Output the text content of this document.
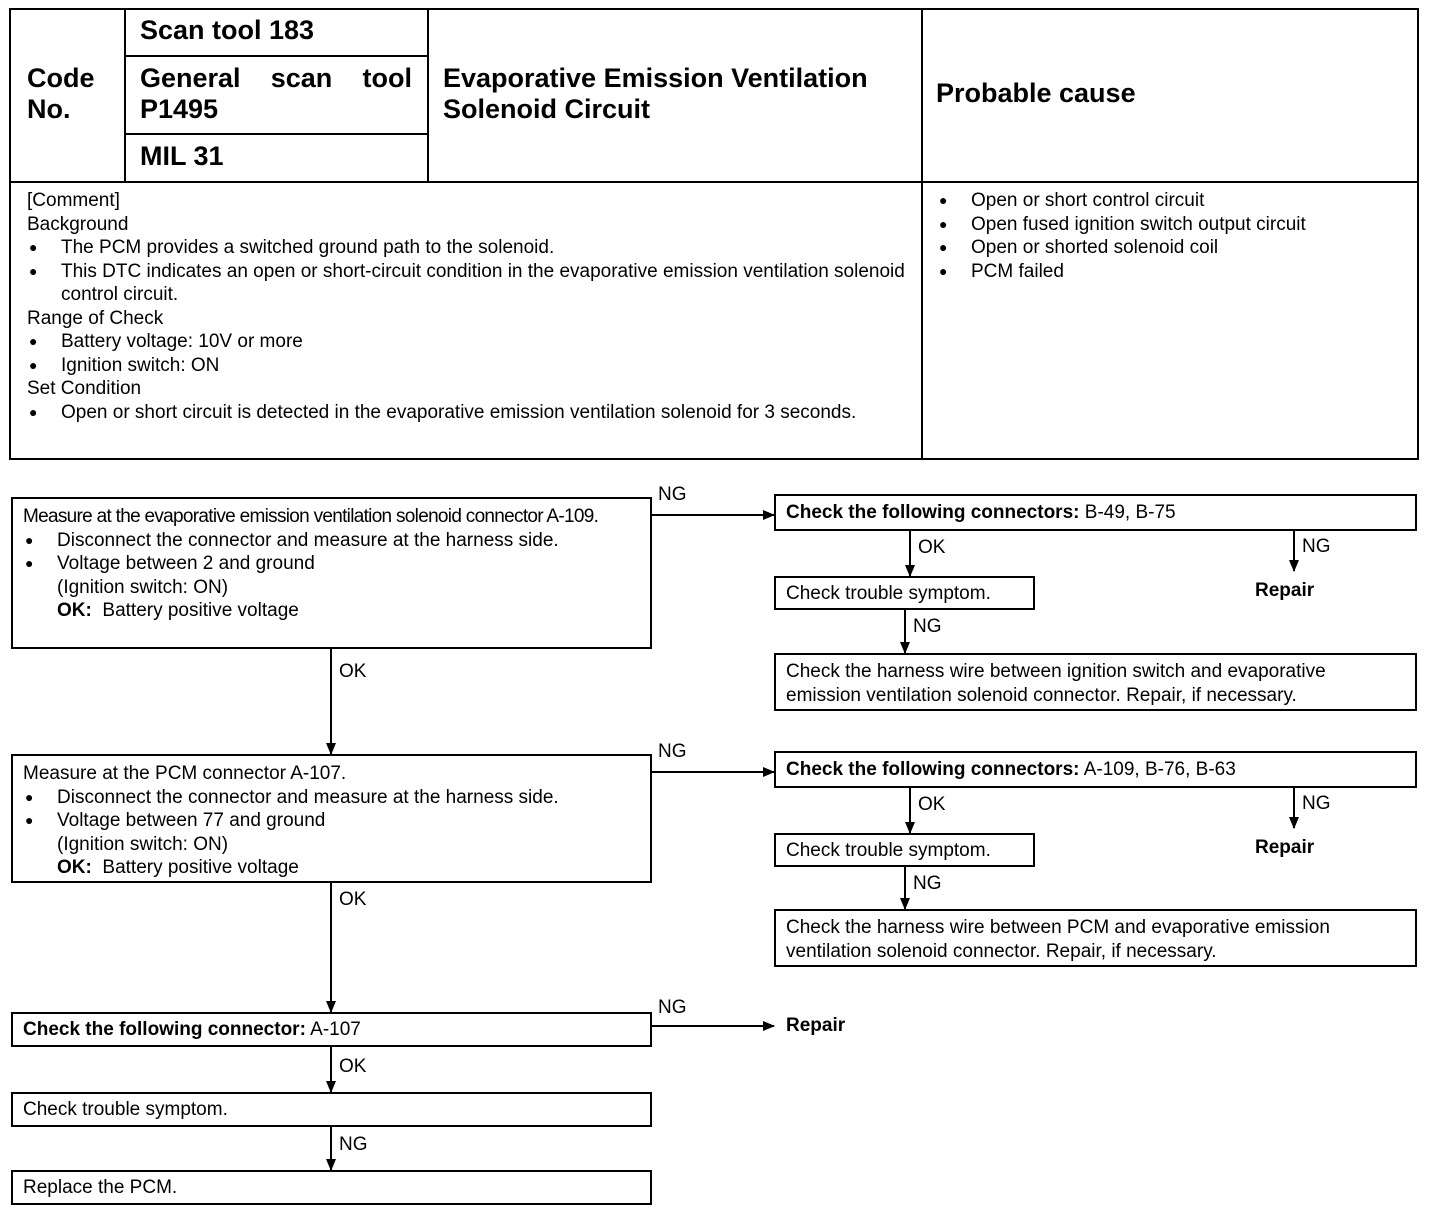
Code No.
Scan tool 183
General scan tool P1495
MIL 31
Evaporative Emission Ventilation Solenoid Circuit
Probable cause
[Comment]
Background
● The PCM provides a switched ground path to the solenoid.
● This DTC indicates an open or short-circuit condition in the evaporative emission ventilation solenoid control circuit.
Range of Check
● Battery voltage: 10V or more
● Ignition switch: ON
Set Condition
● Open or short circuit is detected in the evaporative emission ventilation solenoid for 3 seconds.
● Open or short control circuit
● Open fused ignition switch output circuit
● Open or shorted solenoid coil
● PCM failed
Measure at the evaporative emission ventilation solenoid connector A-109.
● Disconnect the connector and measure at the harness side.
● Voltage between 2 and ground
(Ignition switch: ON)
OK: Battery positive voltage
NG
OK
Check the following connectors: B-49, B-75
OK	NG
Repair
Check trouble symptom.
NG
Check the harness wire between ignition switch and evaporative emission ventilation solenoid connector. Repair, if necessary.
Measure at the PCM connector A-107.
● Disconnect the connector and measure at the harness side.
● Voltage between 77 and ground
(Ignition switch: ON)
OK: Battery positive voltage
NG
OK
Check the following connectors: A-109, B-76, B-63
OK	NG
Repair
Check trouble symptom.
NG
Check the harness wire between PCM and evaporative emission ventilation solenoid connector. Repair, if necessary.
Check the following connector: A-107
NG
Repair
OK
Check trouble symptom.
NG
Replace the PCM.
